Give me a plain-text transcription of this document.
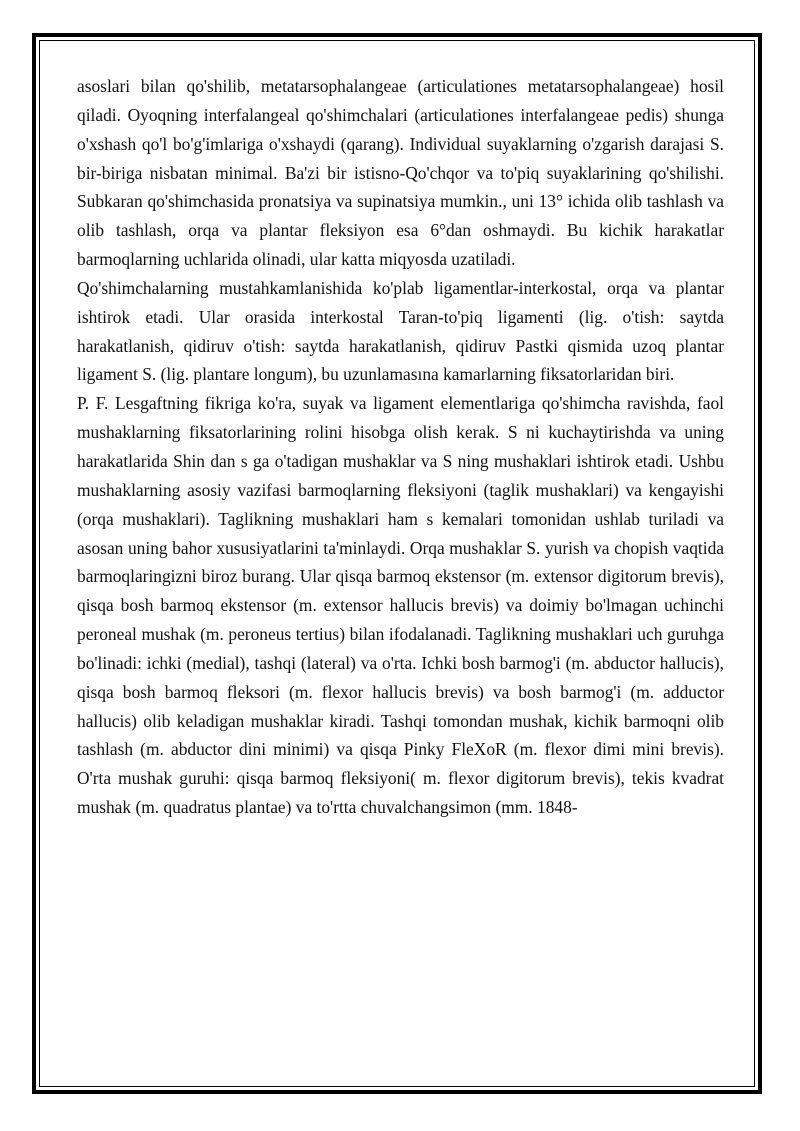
asoslari bilan qo'shilib, metatarsophalangeae (articulationes metatarsophalangeae) hosil qiladi. Oyoqning interfalangeal qo'shimchalari (articulationes interfalangeae pedis) shunga o'xshash qo'l bo'g'imlariga o'xshaydi (qarang). Individual suyaklarning o'zgarish darajasi S. bir-biriga nisbatan minimal. Ba'zi bir istisno-Qo'chqor va to'piq suyaklarining qo'shilishi. Subkaran qo'shimchasida pronatsiya va supinatsiya mumkin., uni 13° ichida olib tashlash va olib tashlash, orqa va plantar fleksiyon esa 6°dan oshmaydi. Bu kichik harakatlar barmoqlarning uchlarida olinadi, ular katta miqyosda uzatiladi.

Qo'shimchalarning mustahkamlanishida ko'plab ligamentlar-interkostal, orqa va plantar ishtirok etadi. Ular orasida interkostal Taran-to'piq ligamenti (lig. o'tish: saytda harakatlanish, qidiruv o'tish: saytda harakatlanish, qidiruv Pastki qismida uzoq plantar ligament S. (lig. plantare longum), bu uzunlamasına kamarlarning fiksatorlaridan biri.

P. F. Lesgaftning fikriga ko'ra, suyak va ligament elementlariga qo'shimcha ravishda, faol mushaklarning fiksatorlarining rolini hisobga olish kerak. S ni kuchaytirishda va uning harakatlarida Shin dan s ga o'tadigan mushaklar va S ning mushaklari ishtirok etadi. Ushbu mushaklarning asosiy vazifasi barmoqlarning fleksiyoni (taglik mushaklari) va kengayishi (orqa mushaklari). Taglikning mushaklari ham s kemalari tomonidan ushlab turiladi va asosan uning bahor xususiyatlarini ta'minlaydi. Orqa mushaklar S. yurish va chopish vaqtida barmoqlaringizni biroz burang. Ular qisqa barmoq ekstensor (m. extensor digitorum brevis), qisqa bosh barmoq ekstensor (m. extensor hallucis brevis) va doimiy bo'lmagan uchinchi peroneal mushak (m. peroneus tertius) bilan ifodalanadi. Taglikning mushaklari uch guruhga bo'linadi: ichki (medial), tashqi (lateral) va o'rta. Ichki bosh barmog'i (m. abductor hallucis), qisqa bosh barmoq fleksori (m. flexor hallucis brevis) va bosh barmog'i (m. adductor hallucis) olib keladigan mushaklar kiradi. Tashqi tomondan mushak, kichik barmoqni olib tashlash (m. abductor dini minimi) va qisqa Pinky FleXoR (m. flexor dimi mini brevis). O'rta mushak guruhi: qisqa barmoq fleksiyoni( m. flexor digitorum brevis), tekis kvadrat mushak (m. quadratus plantae) va to'rtta chuvalchangsimon (mm. 1848-
